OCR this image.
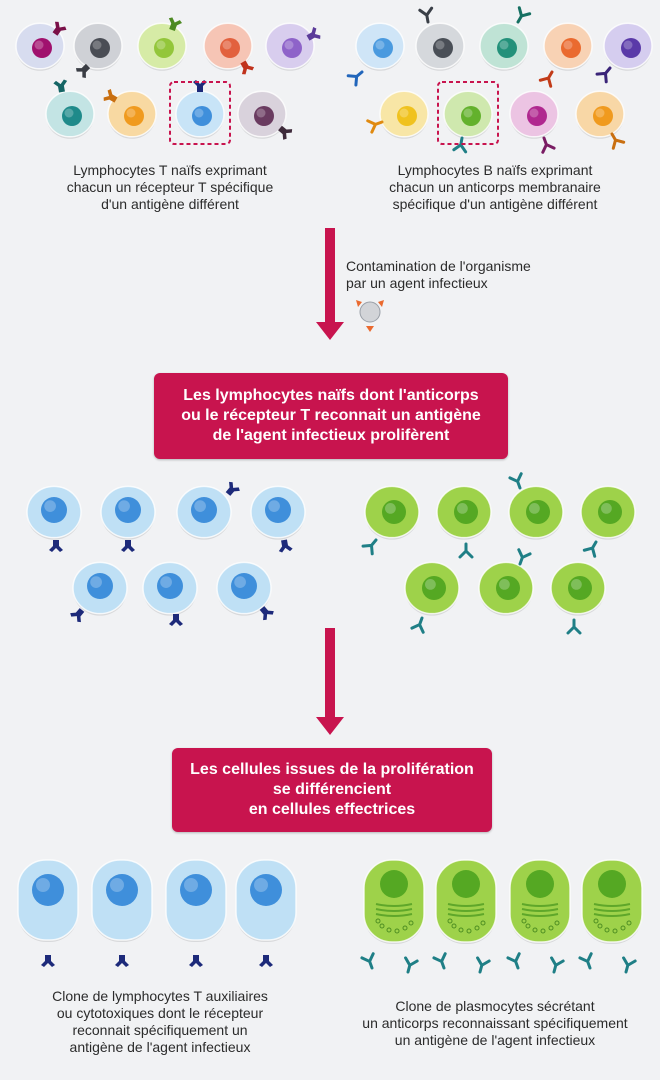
Lymphocytes T naïfs exprimant
chacun un récepteur T spécifique
d'un antigène différent
Lymphocytes B naïfs exprimant
chacun un anticorps membranaire
spécifique d'un antigène différent
Contamination de l'organisme
par un agent infectieux
Les lymphocytes naïfs dont l'anticorps
ou le récepteur T reconnait un antigène
de l'agent infectieux prolifèrent
Les cellules issues de la prolifération
se différencient
en cellules effectrices
Clone de lymphocytes T auxiliaires
ou cytotoxiques dont le récepteur
reconnait spécifiquement un
antigène de l'agent infectieux
Clone de plasmocytes sécrétant
un anticorps reconnaissant spécifiquement
un antigène de l'agent infectieux
